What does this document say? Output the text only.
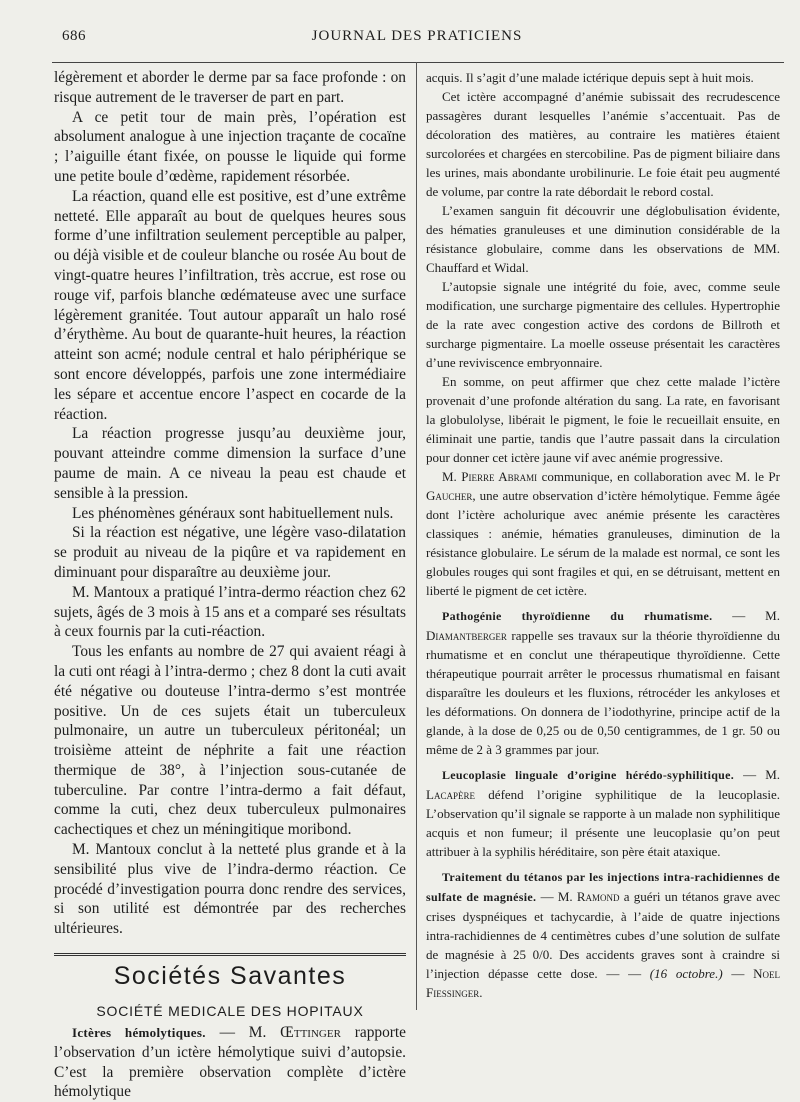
686	JOURNAL DES PRATICIENS

légèrement et aborder le derme par sa face profonde : on risque autrement de le traverser de part en part.

A ce petit tour de main près, l’opération est absolument analogue à une injection traçante de cocaïne ; l’aiguille étant fixée, on pousse le liquide qui forme une petite boule d’œdème, rapidement résorbée.

La réaction, quand elle est positive, est d’une extrême netteté. Elle apparaît au bout de quelques heures sous forme d’une infiltration seulement perceptible au palper, ou déjà visible et de couleur blanche ou rosée Au bout de vingt-quatre heures l’infiltration, très accrue, est rose ou rouge vif, parfois blanche œdémateuse avec une surface légèrement granitée. Tout autour apparaît un halo rosé d’érythème. Au bout de quarante-huit heures, la réaction atteint son acmé; nodule central et halo périphérique se sont encore développés, parfois une zone intermédiaire les sépare et accentue encore l’aspect en cocarde de la réaction.

La réaction progresse jusqu’au deuxième jour, pouvant atteindre comme dimension la surface d’une paume de main. A ce niveau la peau est chaude et sensible à la pression.

Les phénomènes généraux sont habituellement nuls.

Si la réaction est négative, une légère vaso-dilatation se produit au niveau de la piqûre et va rapidement en diminuant pour disparaître au deuxième jour.

M. Mantoux a pratiqué l’intra-dermo réaction chez 62 sujets, âgés de 3 mois à 15 ans et a comparé ses résultats à ceux fournis par la cuti-réaction.

Tous les enfants au nombre de 27 qui avaient réagi à la cuti ont réagi à l’intra-dermo ; chez 8 dont la cuti avait été négative ou douteuse l’intra-dermo s’est montrée positive. Un de ces sujets était un tuberculeux pulmonaire, un autre un tuberculeux péritonéal; un troisième atteint de néphrite a fait une réaction thermique de 38°, à l’injection sous-cutanée de tuberculine. Par contre l’intra-dermo a fait défaut, comme la cuti, chez deux tuberculeux pulmonaires cachectiques et chez un méningitique moribond.

M. Mantoux conclut à la netteté plus grande et à la sensibilité plus vive de l’indra-dermo réaction. Ce procédé d’investigation pourra donc rendre des services, si son utilité est démontrée par des recherches ultérieures.

Sociétés Savantes
SOCIÉTÉ MEDICALE DES HOPITAUX

Ictères hémolytiques. — M. Œttinger rapporte l’observation d’un ictère hémolytique suivi d’autopsie. C’est la première observation complète d’ictère hémolytique

acquis. Il s’agit d’une malade ictérique depuis sept à huit mois.

Cet ictère accompagné d’anémie subissait des recrudescence passagères durant lesquelles l’anémie s’accentuait. Pas de décoloration des matières, au contraire les matières étaient surcolorées et chargées en stercobiline. Pas de pigment biliaire dans les urines, mais abondante urobilinurie. Le foie était peu augmenté de volume, par contre la rate débordait le rebord costal.

L’examen sanguin fit découvrir une déglobulisation évidente, des hématies granuleuses et une diminution considérable de la résistance globulaire, comme dans les observations de MM. Chauffard et Widal.

L’autopsie signale une intégrité du foie, avec, comme seule modification, une surcharge pigmentaire des cellules. Hypertrophie de la rate avec congestion active des cordons de Billroth et surcharge pigmentaire. La moelle osseuse présentait les caractères d’une reviviscence embryonnaire.

En somme, on peut affirmer que chez cette malade l’ictère provenait d’une profonde altération du sang. La rate, en favorisant la globulolyse, libérait le pigment, le foie le recueillait ensuite, en éliminait une partie, tandis que l’autre passait dans la circulation pour donner cet ictère jaune vif avec anémie progressive.

M. Pierre Abrami communique, en collaboration avec M. le Pr Gaucher, une autre observation d’ictère hémolytique. Femme âgée dont l’ictère acholurique avec anémie présente les caractères classiques : anémie, hématies granuleuses, diminution de la résistance globulaire. Le sérum de la malade est normal, ce sont les globules rouges qui sont fragiles et qui, en se détruisant, mettent en liberté le pigment de cet ictère.

Pathogénie thyroïdienne du rhumatisme. — M. Diamantberger rappelle ses travaux sur la théorie thyroïdienne du rhumatisme et en conclut une thérapeutique thyroïdienne. Cette thérapeutique pourrait arrêter le processus rhumatismal en faisant disparaître les douleurs et les fluxions, rétrocéder les ankyloses et les déformations. On donnera de l’iodothyrine, principe actif de la glande, à la dose de 0,25 ou de 0,50 centigrammes, de 1 gr. 50 ou même de 2 à 3 grammes par jour.

Leucoplasie linguale d’origine hérédo-syphilitique. — M. Lacapère défend l’origine syphilitique de la leucoplasie. L’observation qu’il signale se rapporte à un malade non syphilitique acquis et non fumeur; il présente une leucoplasie qu’on peut attribuer à la syphilis héréditaire, son père était ataxique.

Traitement du tétanos par les injections intra-rachidiennes de sulfate de magnésie. — M. Ramond a guéri un tétanos grave avec crises dyspnéiques et tachycardie, à l’aide de quatre injections intra-rachidiennes de 4 centimètres cubes d’une solution de sulfate de magnésie à 25 0/0. Des accidents graves sont à craindre si l’injection dépasse cette dose. — — (16 octobre.) — Noel Fiessinger.
